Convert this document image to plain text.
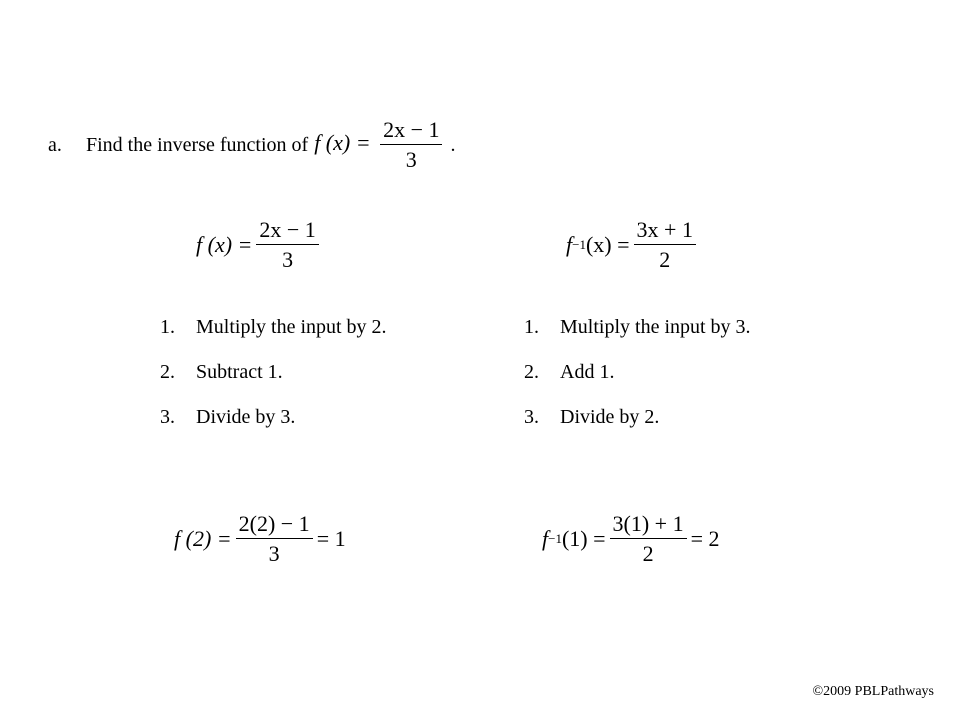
a.	Find the inverse function of f $(x) = \frac{2x - 1}{3}$ .
f $(x) = \frac{2x - 1}{3}$	f −1 $(x) = \frac{3x + 1}{2}$
1. Multiply the input by 2.
2. Subtract 1.
3. Divide by 3.
1. Multiply the input by 3.
2. Add 1.
3. Divide by 2.
f $(2) = \frac{2(2) - 1}{3} = 1$	f −1 $(1) = \frac{3(1) + 1}{2} = 2$
©2009 PBLPathways
